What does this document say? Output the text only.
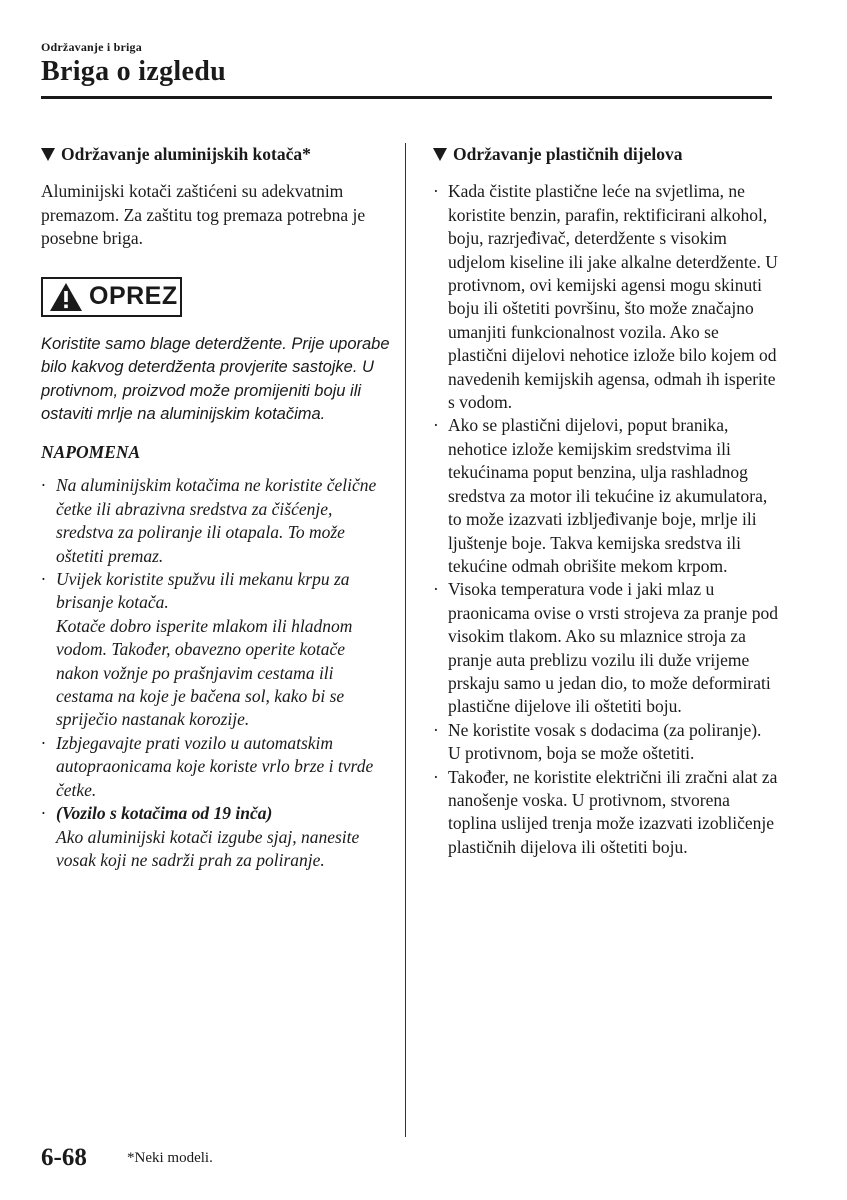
Održavanje i briga
Briga o izgledu
Održavanje aluminijskih kotača*

Aluminijski kotači zaštićeni su adekvatnim premazom. Za zaštitu tog premaza potrebna je posebne briga.

OPREZ

Koristite samo blage deterdžente. Prije uporabe bilo kakvog deterdženta provjerite sastojke. U protivnom, proizvod može promijeniti boju ili ostaviti mrlje na aluminijskim kotačima.

NAPOMENA
· Na aluminijskim kotačima ne koristite čelične četke ili abrazivna sredstva za čišćenje, sredstva za poliranje ili otapala. To može oštetiti premaz.
· Uvijek koristite spužvu ili mekanu krpu za brisanje kotača.
Kotače dobro isperite mlakom ili hladnom vodom. Također, obavezno operite kotače nakon vožnje po prašnjavim cestama ili cestama na koje je bačena sol, kako bi se spriječio nastanak korozije.
· Izbjegavajte prati vozilo u automatskim autopraonicama koje koriste vrlo brze i tvrde četke.
· (Vozilo s kotačima od 19 inča)
Ako aluminijski kotači izgube sjaj, nanesite vosak koji ne sadrži prah za poliranje.
Održavanje plastičnih dijelova
· Kada čistite plastične leće na svjetlima, ne koristite benzin, parafin, rektificirani alkohol, boju, razrjeđivač, deterdžente s visokim udjelom kiseline ili jake alkalne deterdžente. U protivnom, ovi kemijski agensi mogu skinuti boju ili oštetiti površinu, što može značajno umanjiti funkcionalnost vozila. Ako se plastični dijelovi nehotice izlože bilo kojem od navedenih kemijskih agensa, odmah ih isperite s vodom.
· Ako se plastični dijelovi, poput branika, nehotice izlože kemijskim sredstvima ili tekućinama poput benzina, ulja rashladnog sredstva za motor ili tekućine iz akumulatora, to može izazvati izbljeđivanje boje, mrlje ili ljuštenje boje. Takva kemijska sredstva ili tekućine odmah obrišite mekom krpom.
· Visoka temperatura vode i jaki mlaz u praonicama ovise o vrsti strojeva za pranje pod visokim tlakom. Ako su mlaznice stroja za pranje auta preblizu vozilu ili duže vrijeme prskaju samo u jedan dio, to može deformirati plastične dijelove ili oštetiti boju.
· Ne koristite vosak s dodacima (za poliranje). U protivnom, boja se može oštetiti.
· Također, ne koristite električni ili zračni alat za nanošenje voska. U protivnom, stvorena toplina uslijed trenja može izazvati izobličenje plastičnih dijelova ili oštetiti boju.
6-68	*Neki modeli.
